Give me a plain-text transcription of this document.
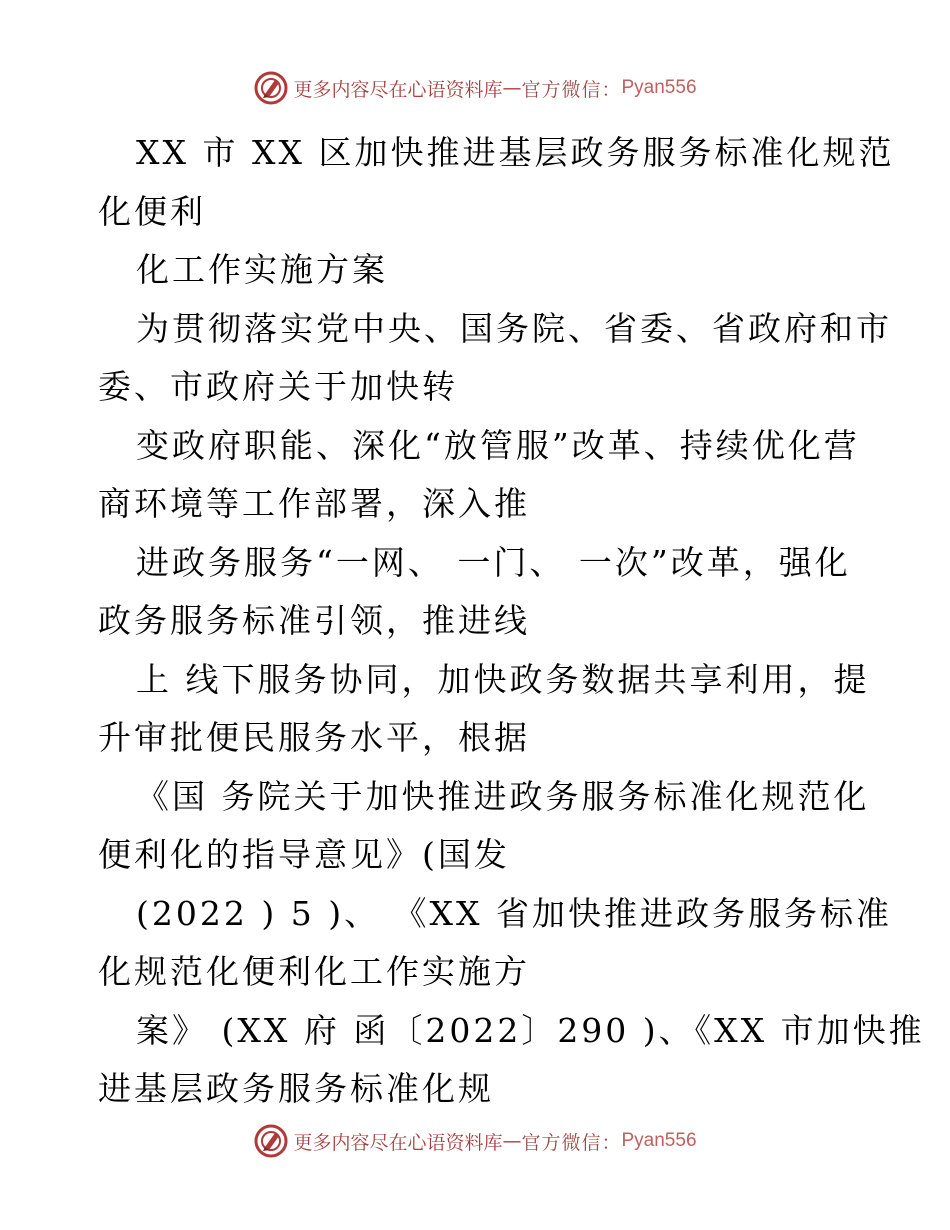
更多内容尽在心语资料库 — 官方微信： Pyan556
XX 市 XX 区加快推进基层政务服务标准化规范
化便利
化工作实施方案
为贯彻落实党中央、国务院、省委、省政府和市
委、市政府关于加快转
变政府职能、深化“放管服”改革、持续优化营
商环境等工作部署，深入推
进政务服务“一网、 一门、 一次”改革，强化
政务服务标准引领，推进线
上 线下服务协同，加快政务数据共享利用，提
升审批便民服务水平，根据
《国 务院关于加快推进政务服务标准化规范化
便利化的指导意见》(国发
(2022 ) 5 )、 《XX 省加快推进政务服务标准
化规范化便利化工作实施方
案》 (XX 府 函〔2022〕290 )、《XX 市加快推
进基层政务服务标准化规
更多内容尽在心语资料库 — 官方微信： Pyan556
